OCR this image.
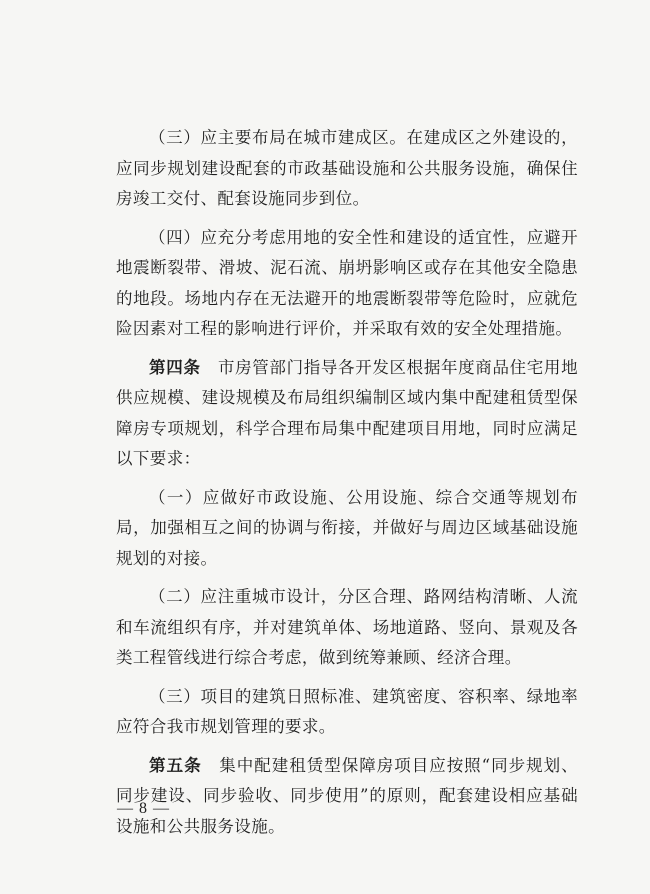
（三）应主要布局在城市建成区。在建成区之外建设的，应同步规划建设配套的市政基础设施和公共服务设施，确保住房竣工交付、配套设施同步到位。

（四）应充分考虑用地的安全性和建设的适宜性，应避开地震断裂带、滑坡、泥石流、崩坍影响区或存在其他安全隐患的地段。场地内存在无法避开的地震断裂带等危险时，应就危险因素对工程的影响进行评价，并采取有效的安全处理措施。

第四条　市房管部门指导各开发区根据年度商品住宅用地供应规模、建设规模及布局组织编制区域内集中配建租赁型保障房专项规划，科学合理布局集中配建项目用地，同时应满足以下要求：

（一）应做好市政设施、公用设施、综合交通等规划布局，加强相互之间的协调与衔接，并做好与周边区域基础设施规划的对接。

（二）应注重城市设计，分区合理、路网结构清晰、人流和车流组织有序，并对建筑单体、场地道路、竖向、景观及各类工程管线进行综合考虑，做到统筹兼顾、经济合理。

（三）项目的建筑日照标准、建筑密度、容积率、绿地率应符合我市规划管理的要求。

第五条　集中配建租赁型保障房项目应按照“同步规划、同步建设、同步验收、同步使用”的原则，配套建设相应基础设施和公共服务设施。

— 8 —
